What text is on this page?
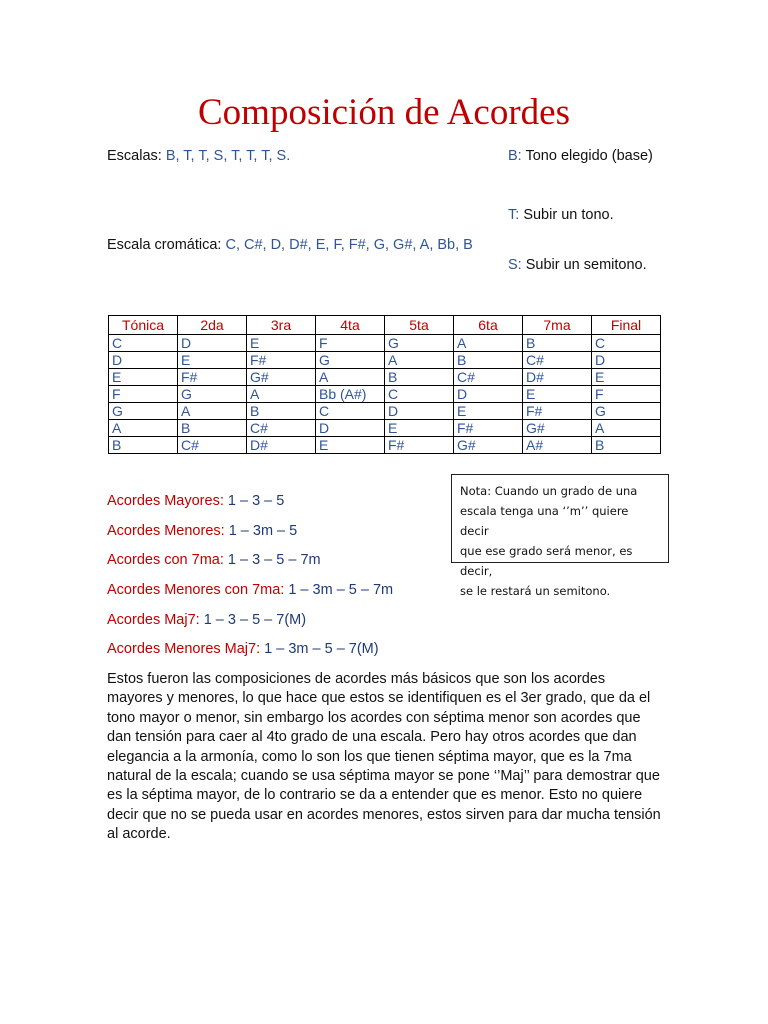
Composición de Acordes
Escalas: B, T, T, S, T, T, T, S.	B: Tono elegido (base)
T: Subir un tono.
S: Subir un semitono.
Escala cromática: C, C#, D, D#, E, F, F#, G, G#, A, Bb, B
Tónica	2da	3ra	4ta	5ta	6ta	7ma	Final
C	D	E	F	G	A	B	C
D	E	F#	G	A	B	C#	D
E	F#	G#	A	B	C#	D#	E
F	G	A	Bb (A#)	C	D	E	F
G	A	B	C	D	E	F#	G
A	B	C#	D	E	F#	G#	A
B	C#	D#	E	F#	G#	A#	B
Nota: Cuando un grado de una
escala tenga una ‘’m’’ quiere decir
que ese grado será menor, es decir,
se le restará un semitono.
Acordes Mayores: 1 – 3 – 5
Acordes Menores: 1 – 3m – 5
Acordes con 7ma: 1 – 3 – 5 – 7m
Acordes Menores con 7ma: 1 – 3m – 5 – 7m
Acordes Maj7: 1 – 3 – 5 – 7(M)
Acordes Menores Maj7: 1 – 3m – 5 – 7(M)
Estos fueron las composiciones de acordes más básicos que son los acordes mayores y menores, lo que hace que estos se identifiquen es el 3er grado, que da el tono mayor o menor, sin embargo los acordes con séptima menor son acordes que dan tensión para caer al 4to grado de una escala. Pero hay otros acordes que dan elegancia a la armonía, como lo son los que tienen séptima mayor, que es la 7ma natural de la escala; cuando se usa séptima mayor se pone ‘’Maj’’ para demostrar que es la séptima mayor, de lo contrario se da a entender que es menor. Esto no quiere decir que no se pueda usar en acordes menores, estos sirven para dar mucha tensión al acorde.
